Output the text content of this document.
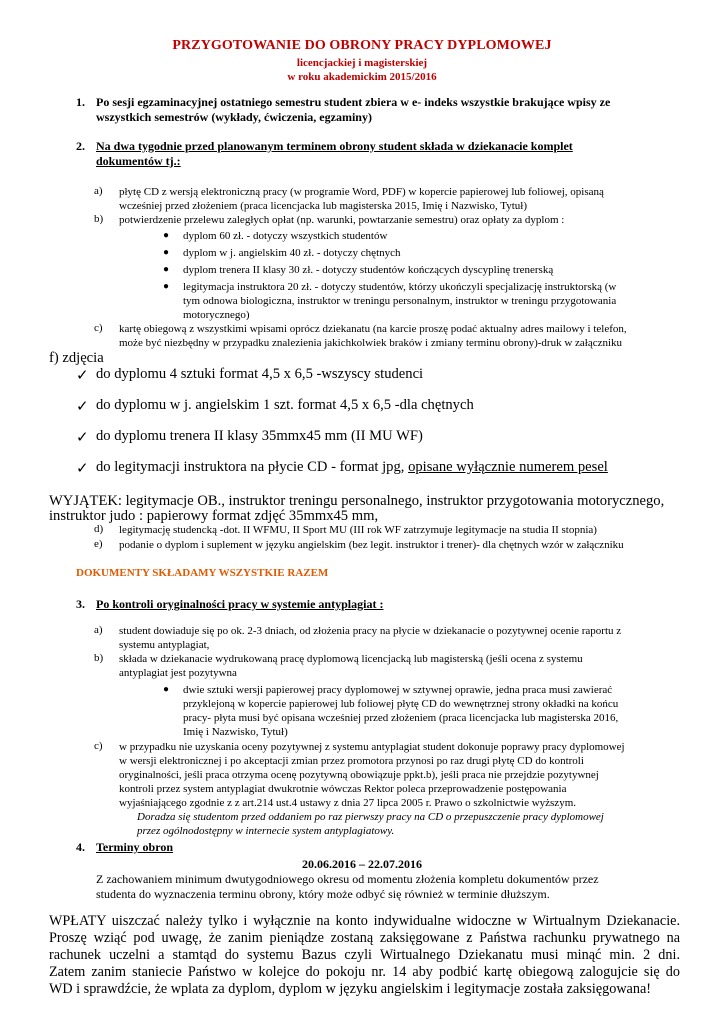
PRZYGOTOWANIE DO OBRONY PRACY DYPLOMOWEJ
licencjackiej i magisterskiej
w roku akademickim 2015/2016
1. Po sesji egzaminacyjnej ostatniego semestru student zbiera w e- indeks wszystkie brakujące wpisy ze
wszystkich semestrów (wykłady, ćwiczenia, egzaminy)
2. Na dwa tygodnie przed planowanym terminem obrony student składa w dziekanacie komplet
dokumentów tj.:
a) płytę CD z wersją elektroniczną pracy (w programie Word, PDF) w kopercie papierowej lub foliowej, opisaną
wcześniej przed złożeniem (praca licencjacka lub magisterska 2015, Imię i Nazwisko, Tytuł)
b) potwierdzenie przelewu zaległych opłat (np. warunki, powtarzanie semestru) oraz opłaty za dyplom :
● dyplom 60 zł. - dotyczy wszystkich studentów
● dyplom w j. angielskim 40 zł. - dotyczy chętnych
● dyplom trenera II klasy 30 zł. - dotyczy studentów kończących dyscyplinę trenerską
● legitymacja instruktora 20 zł. - dotyczy studentów, którzy ukończyli specjalizację instruktorską (w
tym odnowa biologiczna, instruktor w treningu personalnym, instruktor w treningu przygotowania
motorycznego)
c) kartę obiegową z wszystkimi wpisami oprócz dziekanatu (na karcie proszę podać aktualny adres mailowy i telefon,
może być niezbędny w przypadku znalezienia jakichkolwiek braków i zmiany terminu obrony)-druk w załączniku
f) zdjęcia
✓ do dyplomu 4 sztuki format 4,5 x 6,5 -wszyscy studenci
✓ do dyplomu w j. angielskim 1 szt. format 4,5 x 6,5 -dla chętnych
✓ do dyplomu trenera II klasy 35mmx45 mm (II MU WF)
✓ do legitymacji instruktora na płycie CD - format jpg, opisane wyłącznie numerem pesel
WYJĄTEK: legitymacje OB., instruktor treningu personalnego, instruktor przygotowania motorycznego,
instruktor judo : papierowy format zdjęć 35mmx45 mm,
d) legitymację studencką -dot. II WFMU, II Sport MU (III rok WF zatrzymuje legitymacje na studia II stopnia)
e) podanie o dyplom i suplement w języku angielskim (bez legit. instruktor i trener)- dla chętnych wzór w załączniku
DOKUMENTY SKŁADAMY WSZYSTKIE RAZEM
3. Po kontroli oryginalności pracy w systemie antyplagiat :
a) student dowiaduje się po ok. 2-3 dniach, od złożenia pracy na płycie w dziekanacie o pozytywnej ocenie raportu z
systemu antyplagiat,
b) składa w dziekanacie wydrukowaną pracę dyplomową licencjacką lub magisterską (jeśli ocena z systemu
antyplagiat jest pozytywna
● dwie sztuki wersji papierowej pracy dyplomowej w sztywnej oprawie, jedna praca musi zawierać
przyklejoną w kopercie papierowej lub foliowej płytę CD do wewnętrznej strony okładki na końcu
pracy- płyta musi być opisana wcześniej przed złożeniem (praca licencjacka lub magisterska 2016,
Imię i Nazwisko, Tytuł)
c) w przypadku nie uzyskania oceny pozytywnej z systemu antyplagiat student dokonuje poprawy pracy dyplomowej
w wersji elektronicznej i po akceptacji zmian przez promotora przynosi po raz drugi płytę CD do kontroli
oryginalności, jeśli praca otrzyma ocenę pozytywną obowiązuje ppkt.b), jeśli praca nie przejdzie pozytywnej
kontroli przez system antyplagiat dwukrotnie wówczas Rektor poleca przeprowadzenie postępowania
wyjaśniającego zgodnie z z art.214 ust.4 ustawy z dnia 27 lipca 2005 r. Prawo o szkolnictwie wyższym.
Doradza się studentom przed oddaniem po raz pierwszy pracy na CD o przepuszczenie pracy dyplomowej
przez ogólnodostępny w internecie system antyplagiatowy.
4. Terminy obron
20.06.2016 – 22.07.2016
Z zachowaniem minimum dwutygodniowego okresu od momentu złożenia kompletu dokumentów przez
studenta do wyznaczenia terminu obrony, który może odbyć się również w terminie dłuższym.
WPŁATY uiszczać należy tylko i wyłącznie na konto indywidualne widoczne w Wirtualnym Dziekanacie.
Proszę wziąć pod uwagę, że zanim pieniądze zostaną zaksięgowane z Państwa rachunku prywatnego na
rachunek uczelni a stamtąd do systemu Bazus czyli Wirtualnego Dziekanatu musi minąć min. 2 dni.
Zatem zanim staniecie Państwo w kolejce do pokoju nr. 14 aby podbić kartę obiegową zalogujcie się do
WD i sprawdźcie, że wplata za dyplom, dyplom w języku angielskim i legitymacje została zaksięgowana!
